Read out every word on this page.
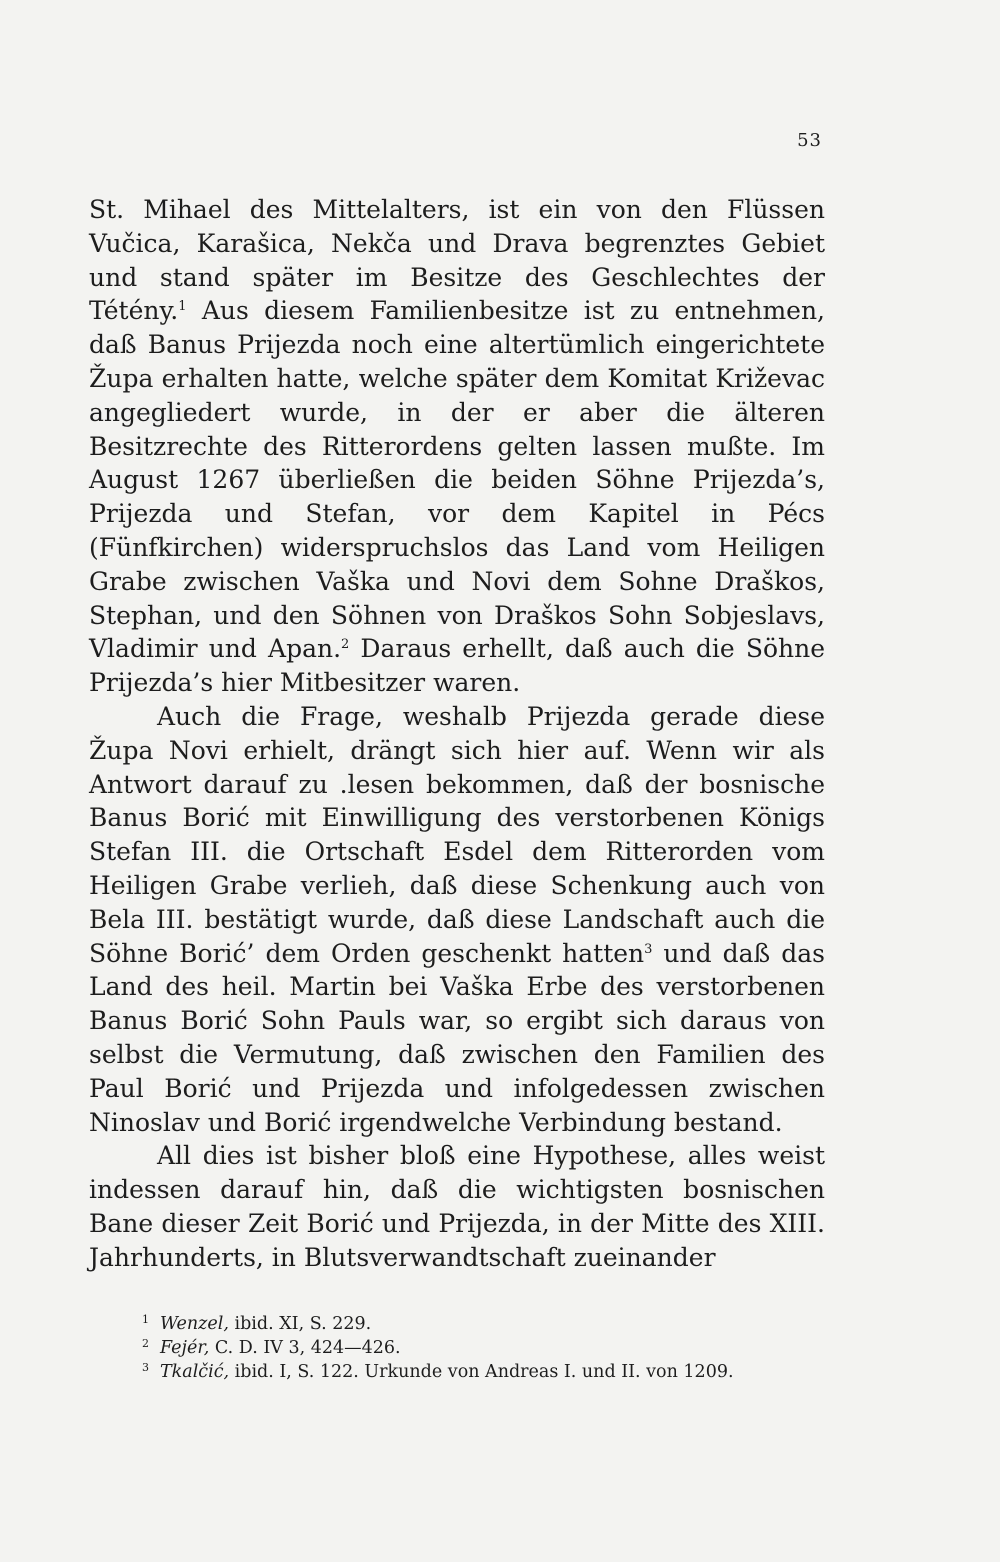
53

St. Mihael des Mittelalters, ist ein von den Flüssen Vučica, Karašica, Nekča und Drava begrenztes Gebiet und stand später im Besitze des Geschlechtes der Tétény.$^1$ Aus diesem Familienbesitze ist zu entnehmen, daß Banus Prijezda noch eine altertümlich eingerichtete Župa erhalten hatte, welche später dem Komitat Križevac angegliedert wurde, in der er aber die älteren Besitzrechte des Ritterordens gelten lassen mußte. Im August 1267 überließen die beiden Söhne Prijezda’s, Prijezda und Stefan, vor dem Kapitel in Pécs (Fünfkirchen) widerspruchslos das Land vom Heiligen Grabe zwischen Vaška und Novi dem Sohne Draškos, Stephan, und den Söhnen von Draškos Sohn Sobjeslavs, Vladimir und Apan.$^2$ Daraus erhellt, daß auch die Söhne Prijezda’s hier Mitbesitzer waren.

Auch die Frage, weshalb Prijezda gerade diese Župa Novi erhielt, drängt sich hier auf. Wenn wir als Antwort darauf zu .lesen bekommen, daß der bosnische Banus Borić mit Einwilligung des verstorbenen Königs Stefan III. die Ortschaft Esdel dem Ritterorden vom Heiligen Grabe verlieh, daß diese Schenkung auch von Bela III. bestätigt wurde, daß diese Landschaft auch die Söhne Borić’ dem Orden geschenkt hatten$^3$ und daß das Land des heil. Martin bei Vaška Erbe des verstorbenen Banus Borić Sohn Pauls war, so ergibt sich daraus von selbst die Vermutung, daß zwischen den Familien des Paul Borić und Prijezda und infolgedessen zwischen Ninoslav und Borić irgendwelche Verbindung bestand.

All dies ist bisher bloß eine Hypothese, alles weist indessen darauf hin, daß die wichtigsten bosnischen Bane dieser Zeit Borić und Prijezda, in der Mitte des XIII. Jahrhunderts, in Blutsverwandtschaft zueinander

1 Wenzel, ibid. XI, S. 229.
2 Fejér, C. D. IV 3, 424—426.
3 Tkalčić, ibid. I, S. 122. Urkunde von Andreas I. und II. von 1209.
